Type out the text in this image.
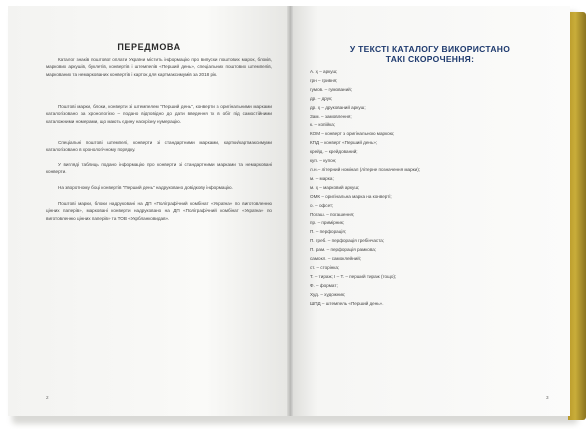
ПЕРЕДМОВА

Каталог знаків поштової оплати України містить інформацію про випуски поштових марок, блоків, маркових аркушів, буклетів, конвертів і штемпелів «Перший день», спеціальних поштових штемпелів, маркованих та немаркованих конвертів і карток для картмаксимумів за 2018 рік.

Поштові марки, блоки, конверти зі штемпелем "Перший день", конверти з оригінальними марками каталогізовано за хронологією – подано відповідно до дати введення їх в обіг під самостійними каталожними номерами, що мають єдину наскрізну нумерацію.

Спеціальні поштові штемпелі, конверти зі стандартними марками, картки/картмаксимуми каталогізовано в хронологічному порядку.

У вигляді таблиць подано інформацію про конверти зі стандартними марками та немарковані конверти.

На зворотному боці конвертів "Перший день" надруковано довідкову інформацію.

Поштові марки, блоки надруковані на ДП «Поліграфічний комбінат «Україна» по виготовленню цінних паперів», марковані конверти надруковано на ДП «Поліграфічний комбінат «Україна» по виготовленню цінних паперів» та ТОВ «Укрбланковидав».

2
У ТЕКСТІ КАТАЛОГУ ВИКОРИСТАНО
ТАКІ СКОРОЧЕННЯ:
А. ҳ – аркуш;
грн – гривня;
гумов. – гумований;
др. – друк;
др. ҳ – друкований аркуш;
Зам. – замовлення;
к. – копійка;
КОМ – конверт з оригінальною маркою;
КПД – конверт «Перший день»;
крейд. – крейдований;
куп. – купон;
л.н.– літерний номінал (літерне позначення марки);
м. – марка;
м. ҳ – марковий аркуш;
ОМК – оригінальна марка на конверті;
о. – офсет;
Погаш. – погашення;
пр. – примірник;
П. – перфорація;
П. греб. – перфорація гребінчаста;
П. рам. – перфорація рамкова;
самокл. – самоклейний;
ст. – сторінка;
Т. – тираж; І – Т. – перший тираж (тощо);
Ф. – формат;
Худ. – художник;
ШПД – штемпель «Перший день».
3
